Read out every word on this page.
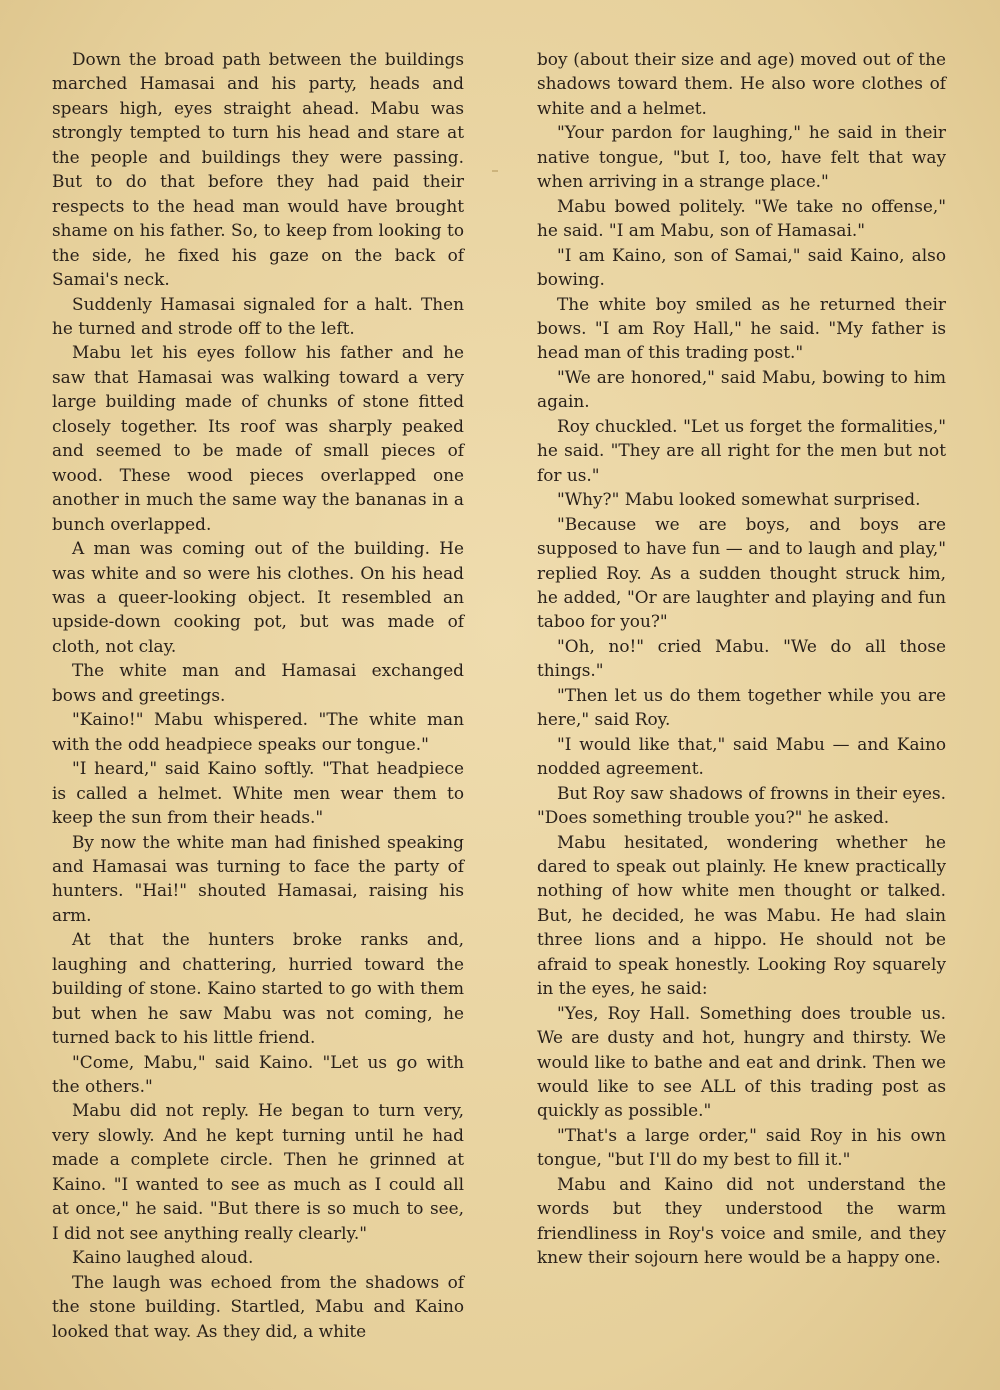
Down the broad path between the buildings marched Hamasai and his party, heads and spears high, eyes straight ahead. Mabu was strongly tempted to turn his head and stare at the people and buildings they were passing. But to do that before they had paid their respects to the head man would have brought shame on his father. So, to keep from looking to the side, he fixed his gaze on the back of Samai's neck.

Suddenly Hamasai signaled for a halt. Then he turned and strode off to the left.

Mabu let his eyes follow his father and he saw that Hamasai was walking toward a very large building made of chunks of stone fitted closely together. Its roof was sharply peaked and seemed to be made of small pieces of wood. These wood pieces overlapped one another in much the same way the bananas in a bunch overlapped.

A man was coming out of the building. He was white and so were his clothes. On his head was a queer-looking object. It resembled an upside-down cooking pot, but was made of cloth, not clay.

The white man and Hamasai exchanged bows and greetings.

"Kaino!" Mabu whispered. "The white man with the odd headpiece speaks our tongue."

"I heard," said Kaino softly. "That headpiece is called a helmet. White men wear them to keep the sun from their heads."

By now the white man had finished speaking and Hamasai was turning to face the party of hunters. "Hai!" shouted Hamasai, raising his arm.

At that the hunters broke ranks and, laughing and chattering, hurried toward the building of stone. Kaino started to go with them but when he saw Mabu was not coming, he turned back to his little friend.

"Come, Mabu," said Kaino. "Let us go with the others."

Mabu did not reply. He began to turn very, very slowly. And he kept turning until he had made a complete circle. Then he grinned at Kaino. "I wanted to see as much as I could all at once," he said. "But there is so much to see, I did not see anything really clearly."

Kaino laughed aloud.

The laugh was echoed from the shadows of the stone building. Startled, Mabu and Kaino looked that way. As they did, a white

boy (about their size and age) moved out of the shadows toward them. He also wore clothes of white and a helmet.

"Your pardon for laughing," he said in their native tongue, "but I, too, have felt that way when arriving in a strange place."

Mabu bowed politely. "We take no offense," he said. "I am Mabu, son of Hamasai."

"I am Kaino, son of Samai," said Kaino, also bowing.

The white boy smiled as he returned their bows. "I am Roy Hall," he said. "My father is head man of this trading post."

"We are honored," said Mabu, bowing to him again.

Roy chuckled. "Let us forget the formalities," he said. "They are all right for the men but not for us."

"Why?" Mabu looked somewhat surprised.

"Because we are boys, and boys are supposed to have fun — and to laugh and play," replied Roy. As a sudden thought struck him, he added, "Or are laughter and playing and fun taboo for you?"

"Oh, no!" cried Mabu. "We do all those things."

"Then let us do them together while you are here," said Roy.

"I would like that," said Mabu — and Kaino nodded agreement.

But Roy saw shadows of frowns in their eyes. "Does something trouble you?" he asked.

Mabu hesitated, wondering whether he dared to speak out plainly. He knew practically nothing of how white men thought or talked. But, he decided, he was Mabu. He had slain three lions and a hippo. He should not be afraid to speak honestly. Looking Roy squarely in the eyes, he said:

"Yes, Roy Hall. Something does trouble us. We are dusty and hot, hungry and thirsty. We would like to bathe and eat and drink. Then we would like to see ALL of this trading post as quickly as possible."

"That's a large order," said Roy in his own tongue, "but I'll do my best to fill it."

Mabu and Kaino did not understand the words but they understood the warm friendliness in Roy's voice and smile, and they knew their sojourn here would be a happy one.
